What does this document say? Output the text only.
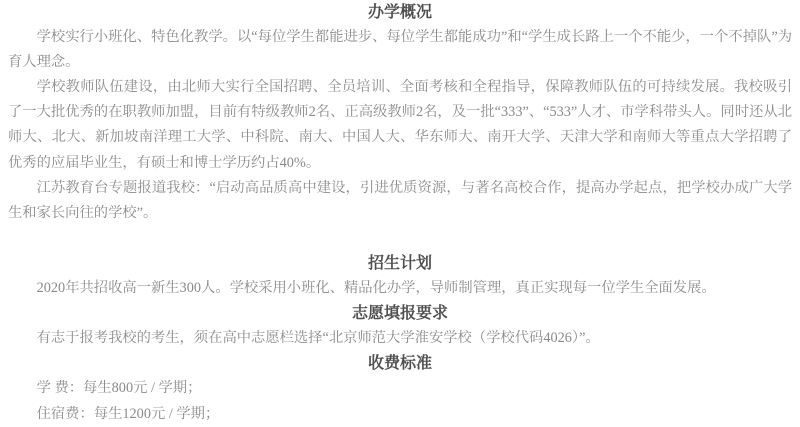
办学概况

学校实行小班化、特色化教学。以“每位学生都能进步、每位学生都能成功”和“学生成长路上一个不能少，一个不掉队”为育人理念。

学校教师队伍建设，由北师大实行全国招聘、全员培训、全面考核和全程指导，保障教师队伍的可持续发展。我校吸引了一大批优秀的在职教师加盟，目前有特级教师2名、正高级教师2名，及一批“333”、“533”人才、市学科带头人。同时还从北师大、北大、新加坡南洋理工大学、中科院、南大、中国人大、华东师大、南开大学、天津大学和南师大等重点大学招聘了优秀的应届毕业生，有硕士和博士学历约占40%。

江苏教育台专题报道我校：“启动高品质高中建设，引进优质资源，与著名高校合作，提高办学起点，把学校办成广大学生和家长向往的学校”。

招生计划

2020年共招收高一新生300人。学校采用小班化、精品化办学，导师制管理，真正实现每一位学生全面发展。

志愿填报要求

有志于报考我校的考生，须在高中志愿栏选择“北京师范大学淮安学校（学校代码4026）”。

收费标准

学 费：每生800元 / 学期；

住宿费：每生1200元 / 学期；
